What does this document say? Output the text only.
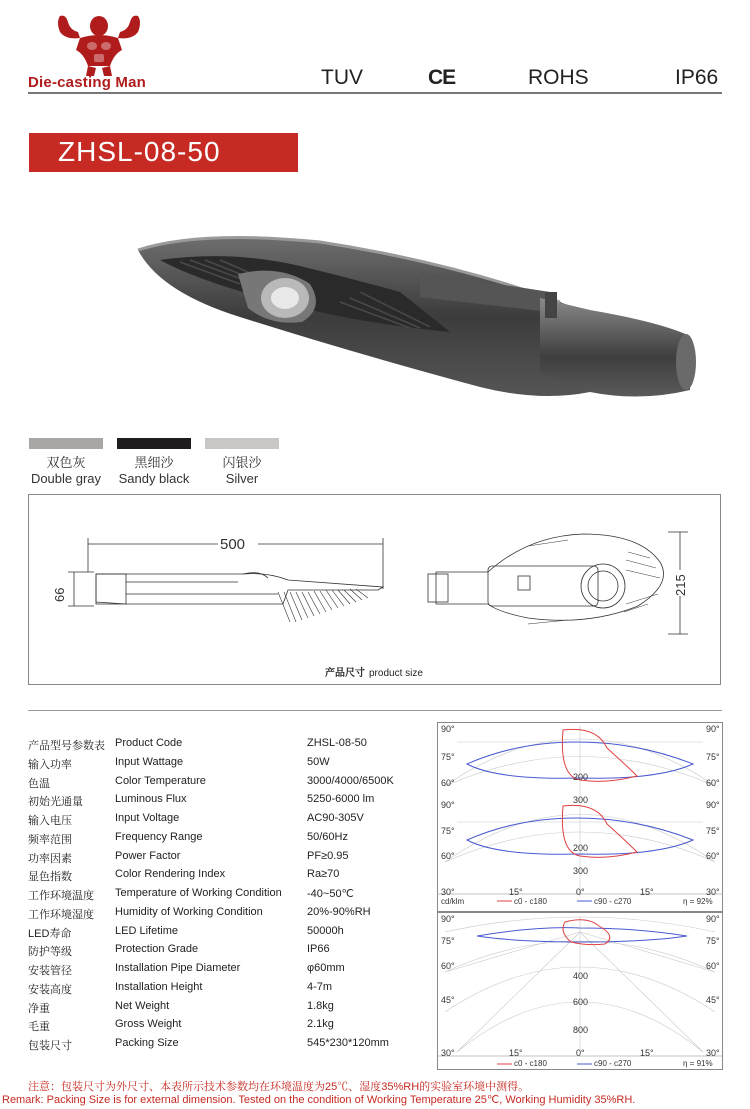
Die-casting Man	TUV	CE	ROHS	IP66
ZHSL-08-50
双色灰
Double gray
黑细沙
Sandy black
闪银沙
Silver
500
66	215
产品尺寸 product size
产品型号参数表 Product Code	ZHSL-08-50
输入功率	Input Wattage	50W
色温	Color Temperature	3000/4000/6500K
初始光通量	Luminous Flux	5250-6000 lm
输入电压	Input Voltage	AC90-305V
频率范围	Frequency Range	50/60Hz
功率因素	Power Factor	PF≥0.95
显色指数	Color Rendering Index	Ra≥70
工作环境温度 Temperature of Working Condition -40~50℃
工作环境湿度 Humidity of Working Condition	20%-90%RH
LED寿命	LED Lifetime	50000h
防护等级	Protection Grade	IP66
安装管径	Installation Pipe Diameter	φ60mm
安装高度	Installation Height	4-7m
净重	Net Weight	1.8kg
毛重	Gross Weight	2.1kg
包装尺寸	Packing Size	545*230*120mm
90°	90°
75°	75°
60°	60°
90°	90°
75°	75°
60°	60°
200
300
200
300
30°	15°	0°	15°	30°
cd/klm	c0 - c180	c90 - c270	η = 92%
90°	90°
75°	75°
60°	60°
45°	45°
400
600
800
30°	15°	0°	15°	30°
c0 - c180	c90 - c270	η = 91%
注意：包装尺寸为外尺寸、本表所示技术参数均在环境温度为25℃、湿度35%RH的实验室环境中测得。
Remark: Packing Size is for external dimension. Tested on the condition of Working Temperature 25℃, Working Humidity 35%RH.
